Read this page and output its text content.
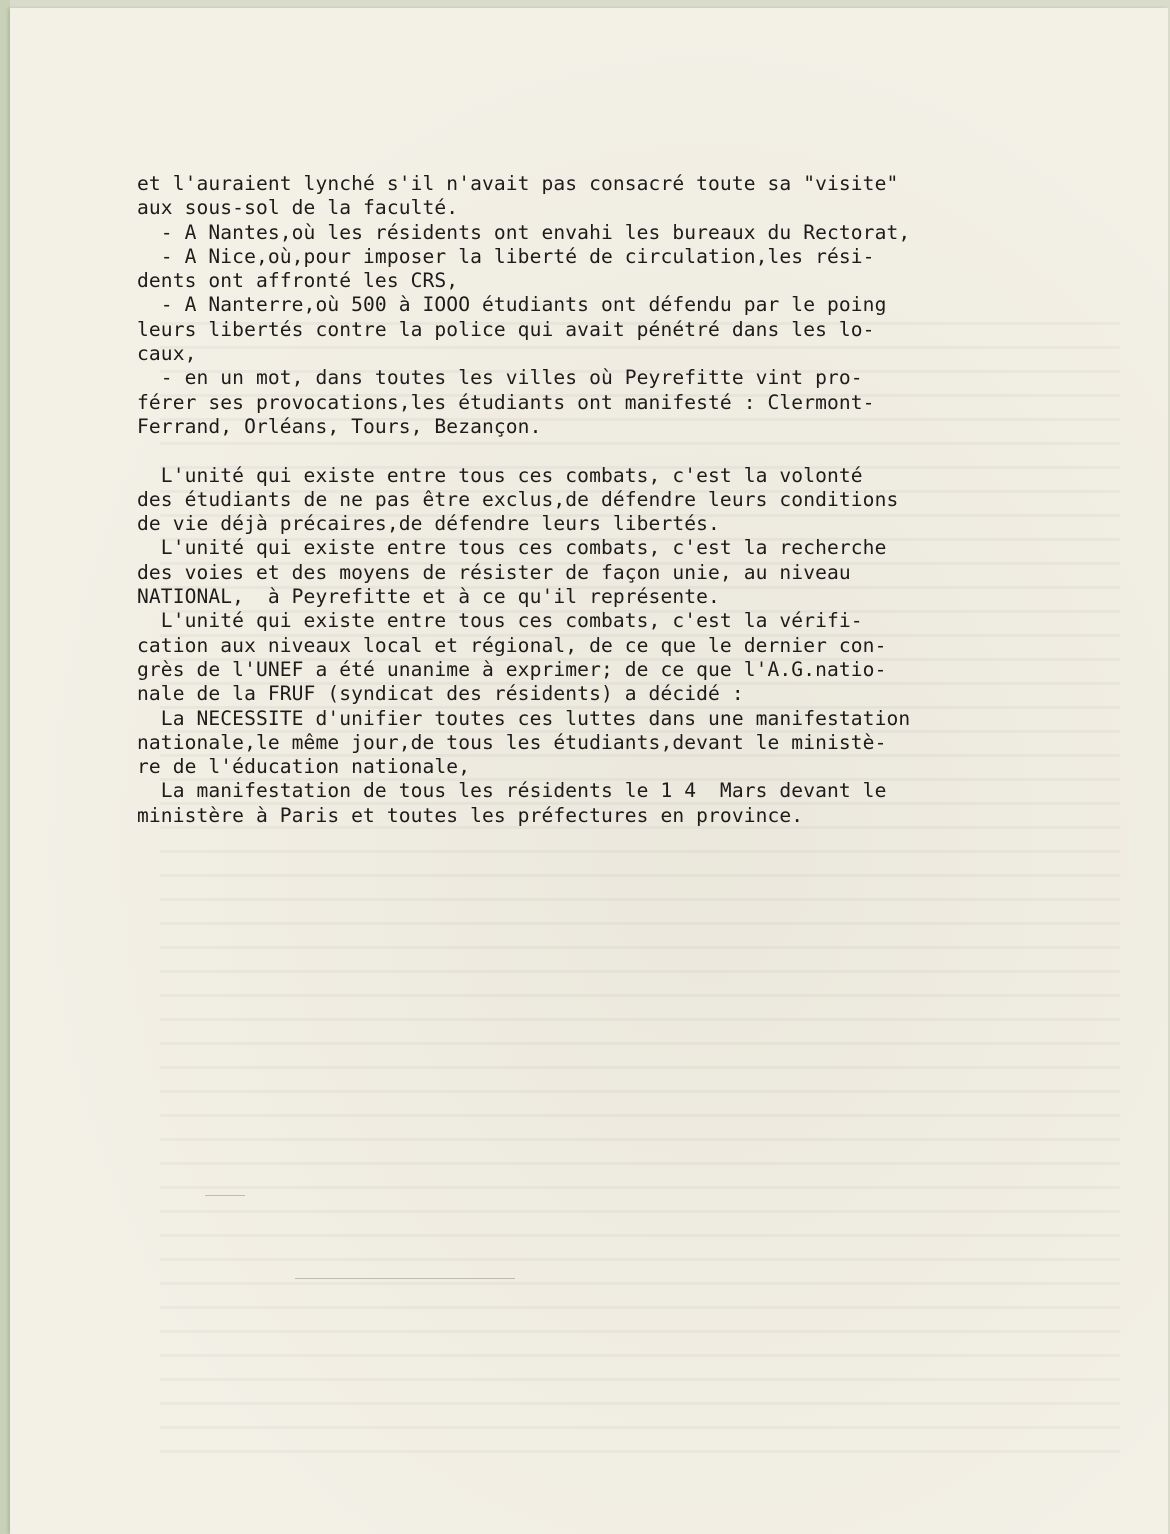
et l'auraient lynché s'il n'avait pas consacré toute sa "visite"
aux sous-sol de la faculté.
- A Nantes,où les résidents ont envahi les bureaux du Rectorat,
- A Nice,où,pour imposer la liberté de circulation,les rési-
dents ont affronté les CRS,
- A Nanterre,où 500 à IOOO étudiants ont défendu par le poing
leurs libertés contre la police qui avait pénétré dans les lo-
caux,
- en un mot, dans toutes les villes où Peyrefitte vint pro-
férer ses provocations,les étudiants ont manifesté : Clermont-
Ferrand, Orléans, Tours, Bezançon.
L'unité qui existe entre tous ces combats, c'est la volonté
des étudiants de ne pas être exclus,de défendre leurs conditions
de vie déjà précaires,de défendre leurs libertés.
L'unité qui existe entre tous ces combats, c'est la recherche
des voies et des moyens de résister de façon unie, au niveau
NATIONAL,  à Peyrefitte et à ce qu'il représente.
L'unité qui existe entre tous ces combats, c'est la vérifi-
cation aux niveaux local et régional, de ce que le dernier con-
grès de l'UNEF a été unanime à exprimer; de ce que l'A.G.natio-
nale de la FRUF (syndicat des résidents) a décidé :
La NECESSITE d'unifier toutes ces luttes dans une manifestation
nationale,le même jour,de tous les étudiants,devant le ministè-
re de l'éducation nationale,
La manifestation de tous les résidents le 1 4  Mars devant le
ministère à Paris et toutes les préfectures en province.
